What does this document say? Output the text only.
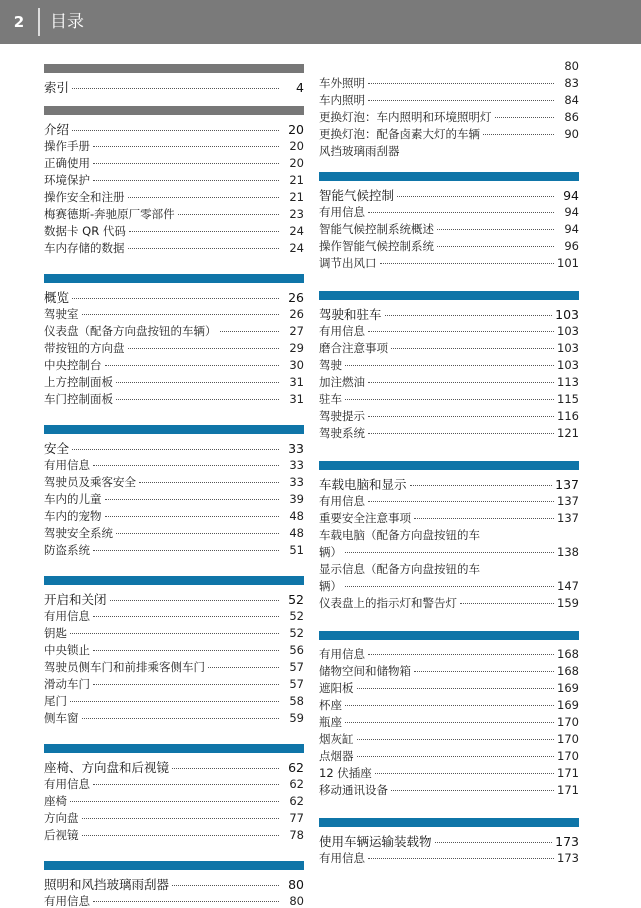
2	目录
索引	4
介绍	20
操作手册	20
正确使用	20
环境保护	21
操作安全和注册	21
梅赛德斯-奔驰原厂零部件	23
数据卡 QR 代码	24
车内存储的数据	24
概览	26
驾驶室	26
仪表盘（配备方向盘按钮的车辆）	27
带按钮的方向盘	29
中央控制台	30
上方控制面板	31
车门控制面板	31
安全	33
有用信息	33
驾驶员及乘客安全	33
车内的儿童	39
车内的宠物	48
驾驶安全系统	48
防盗系统	51
开启和关闭	52
有用信息	52
钥匙	52
中央锁止	56
驾驶员侧车门和前排乘客侧车门	57
滑动车门	57
尾门	58
侧车窗	59
座椅、方向盘和后视镜	62
有用信息	62
座椅	62
方向盘	77
后视镜	78
照明和风挡玻璃雨刮器	80
有用信息	80
80
车外照明	83
车内照明	84
更换灯泡：车内照明和环境照明灯	86
更换灯泡：配备卤素大灯的车辆	90
风挡玻璃雨刮器
智能气候控制	94
有用信息	94
智能气候控制系统概述	94
操作智能气候控制系统	96
调节出风口	101
驾驶和驻车	103
有用信息	103
磨合注意事项	103
驾驶	103
加注燃油	113
驻车	115
驾驶提示	116
驾驶系统	121
车载电脑和显示	137
有用信息	137
重要安全注意事项	137
车载电脑（配备方向盘按钮的车
辆）	138
显示信息（配备方向盘按钮的车
辆）	147
仪表盘上的指示灯和警告灯	159
有用信息	168
储物空间和储物箱	168
遮阳板	169
杯座	169
瓶座	170
烟灰缸	170
点烟器	170
12 伏插座	171
移动通讯设备	171
使用车辆运输装载物	173
有用信息	173
